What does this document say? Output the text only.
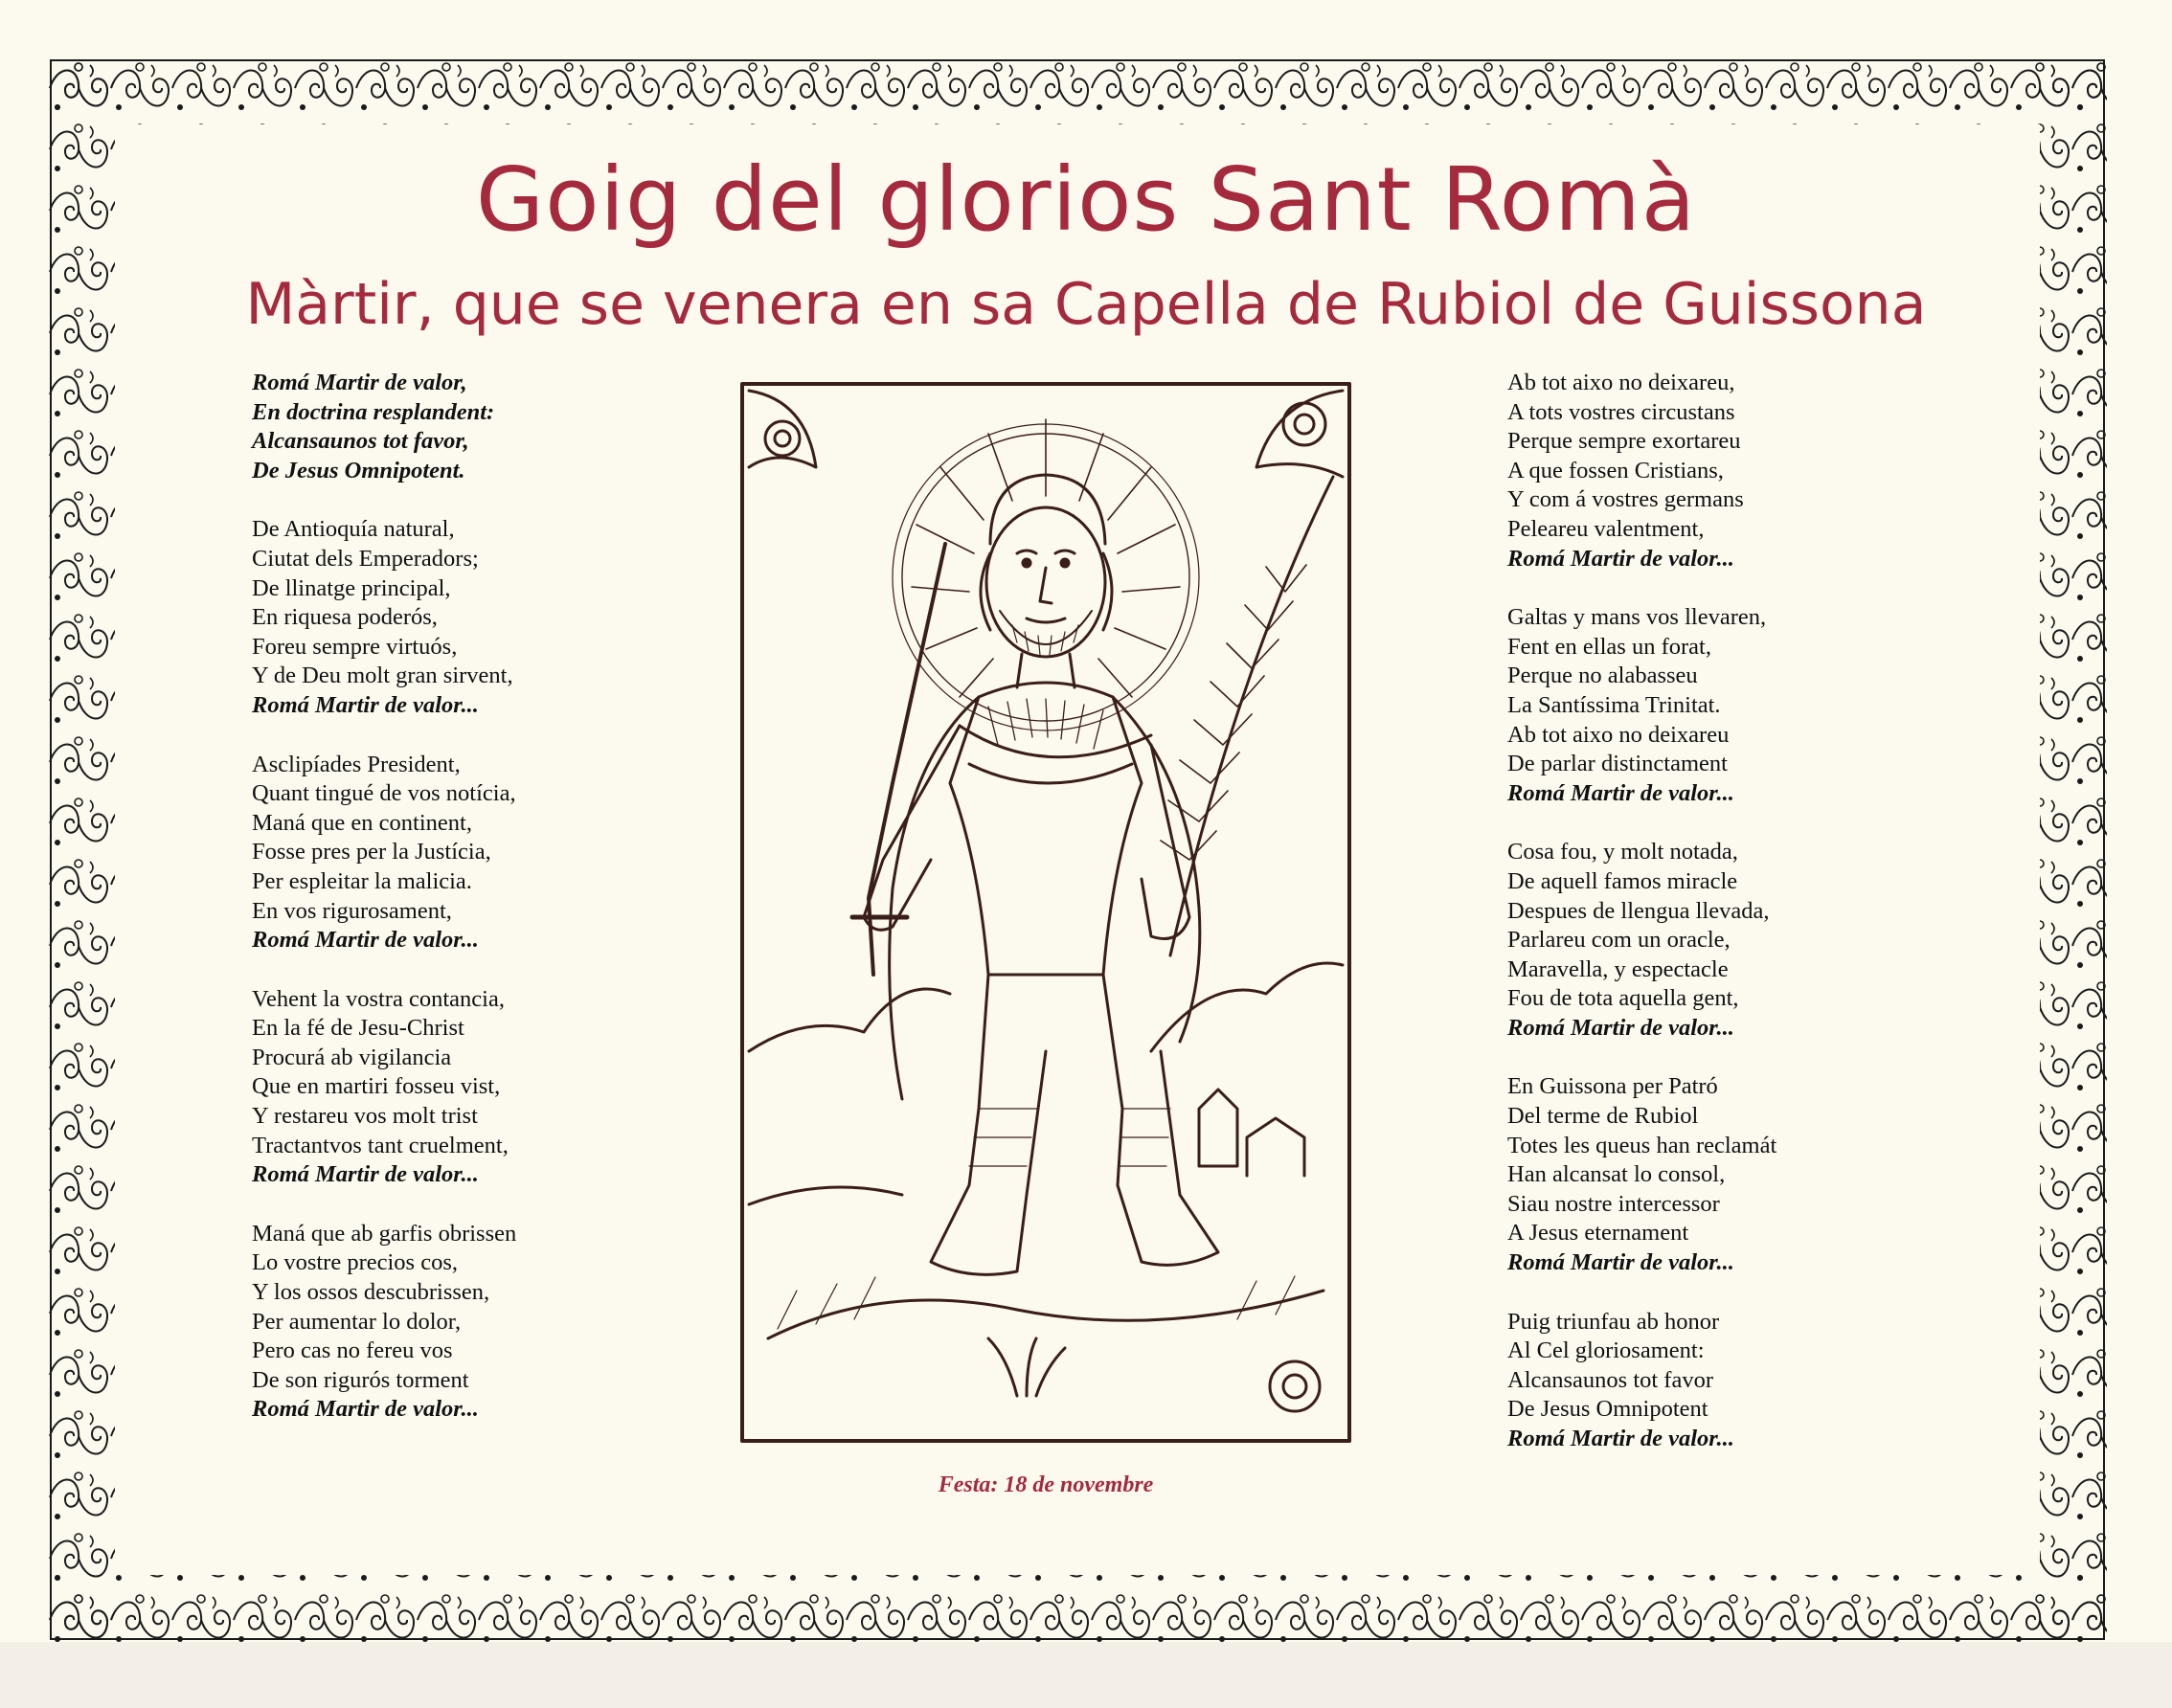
Goig del glorios Sant Romà
Màrtir, que se venera en sa Capella de Rubiol de Guissona
Romá Martir de valor,
En doctrina resplandent:
Alcansaunos tot favor,
De Jesus Omnipotent.
De Antioquía natural,
Ciutat dels Emperadors;
De llinatge principal,
En riquesa poderós,
Foreu sempre virtuós,
Y de Deu molt gran sirvent,
Romá Martir de valor...
Asclipíades President,
Quant tingué de vos notícia,
Maná que en continent,
Fosse pres per la Justícia,
Per espleitar la malicia.
En vos rigurosament,
Romá Martir de valor...
Vehent la vostra contancia,
En la fé de Jesu-Christ
Procurá ab vigilancia
Que en martiri fosseu vist,
Y restareu vos molt trist
Tractantvos tant cruelment,
Romá Martir de valor...
Maná que ab garfis obrissen
Lo vostre precios cos,
Y los ossos descubrissen,
Per aumentar lo dolor,
Pero cas no fereu vos
De son rigurós torment
Romá Martir de valor...
Ab tot aixo no deixareu,
A tots vostres circustans
Perque sempre exortareu
A que fossen Cristians,
Y com á vostres germans
Peleareu valentment,
Romá Martir de valor...
Galtas y mans vos llevaren,
Fent en ellas un forat,
Perque no alabasseu
La Santíssima Trinitat.
Ab tot aixo no deixareu
De parlar distinctament
Romá Martir de valor...
Cosa fou, y molt notada,
De aquell famos miracle
Despues de llengua llevada,
Parlareu com un oracle,
Maravella, y espectacle
Fou de tota aquella gent,
Romá Martir de valor...
En Guissona per Patró
Del terme de Rubiol
Totes les queus han reclamát
Han alcansat lo consol,
Siau nostre intercessor
A Jesus eternament
Romá Martir de valor...
Puig triunfau ab honor
Al Cel gloriosament:
Alcansaunos tot favor
De Jesus Omnipotent
Romá Martir de valor...
Festa: 18 de novembre
